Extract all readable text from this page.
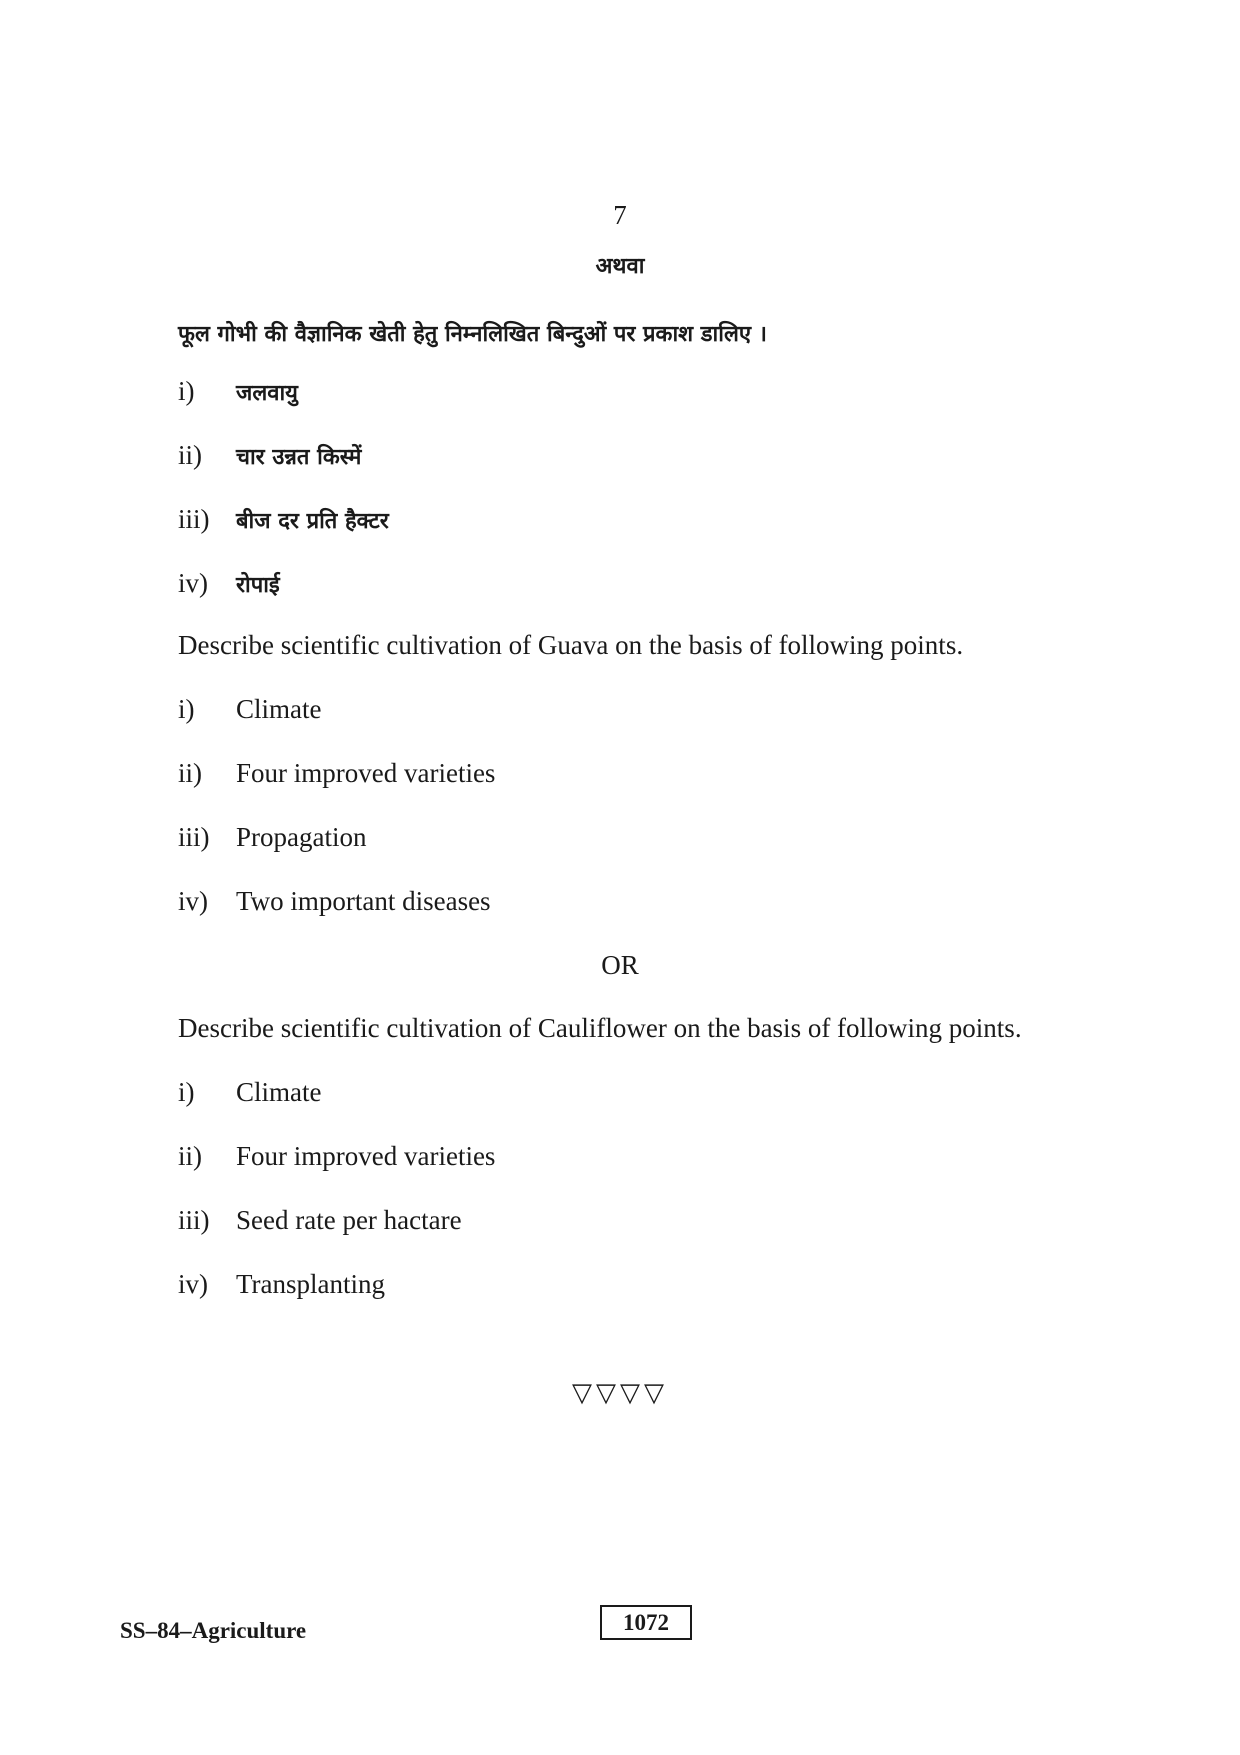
7
अथवा
फूल गोभी की वैज्ञानिक खेती हेतु निम्नलिखित बिन्दुओं पर प्रकाश डालिए ।
i) जलवायु
ii) चार उन्नत किस्में
iii) बीज दर प्रति हैक्टर
iv) रोपाई
Describe scientific cultivation of Guava on the basis of following points.
i) Climate
ii) Four improved varieties
iii) Propagation
iv) Two important diseases
OR
Describe scientific cultivation of Cauliflower on the basis of following points.
i) Climate
ii) Four improved varieties
iii) Seed rate per hactare
iv) Transplanting
▽▽▽▽
SS–84–Agriculture	1072
